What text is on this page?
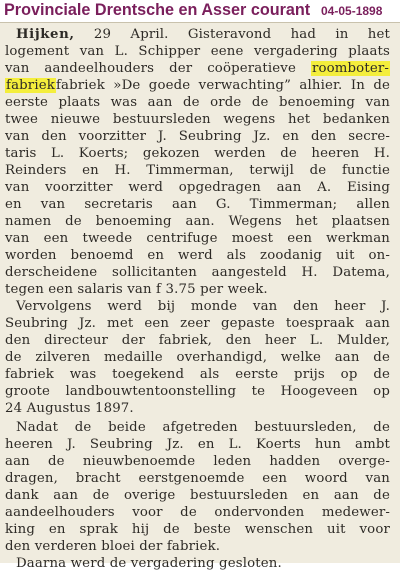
Provinciale Drentsche en Asser courant 04-05-1898
Hijken, 29 April. Gisteravond had in het
logement van L. Schipper eene vergadering plaats
van aandeelhouders der coöperatieve roomboter-
fabriekfabriek »De goede verwachting” alhier. In de
eerste plaats was aan de orde de benoeming van
twee nieuwe bestuursleden wegens het bedanken
van den voorzitter J. Seubring Jz. en den secre-
taris L. Koerts; gekozen werden de heeren H.
Reinders en H. Timmerman, terwijl de functie
van voorzitter werd opgedragen aan A. Eising
en van secretaris aan G. Timmerman; allen
namen de benoeming aan. Wegens het plaatsen
van een tweede centrifuge moest een werkman
worden benoemd en werd als zoodanig uit on-
derscheidene sollicitanten aangesteld H. Datema,
tegen een salaris van f 3.75 per week.
Vervolgens werd bij monde van den heer J.
Seubring Jz. met een zeer gepaste toespraak aan
den directeur der fabriek, den heer L. Mulder,
de zilveren medaille overhandigd, welke aan de
fabriek was toegekend als eerste prijs op de
groote landbouwtentoonstelling te Hoogeveen op
24 Augustus 1897.
Nadat de beide afgetreden bestuursleden, de
heeren J. Seubring Jz. en L. Koerts hun ambt
aan de nieuwbenoemde leden hadden overge-
dragen, bracht eerstgenoemde een woord van
dank aan de overige bestuursleden en aan de
aandeelhouders voor de ondervonden medewer-
king en sprak hij de beste wenschen uit voor
den verderen bloei der fabriek.
Daarna werd de vergadering gesloten.
